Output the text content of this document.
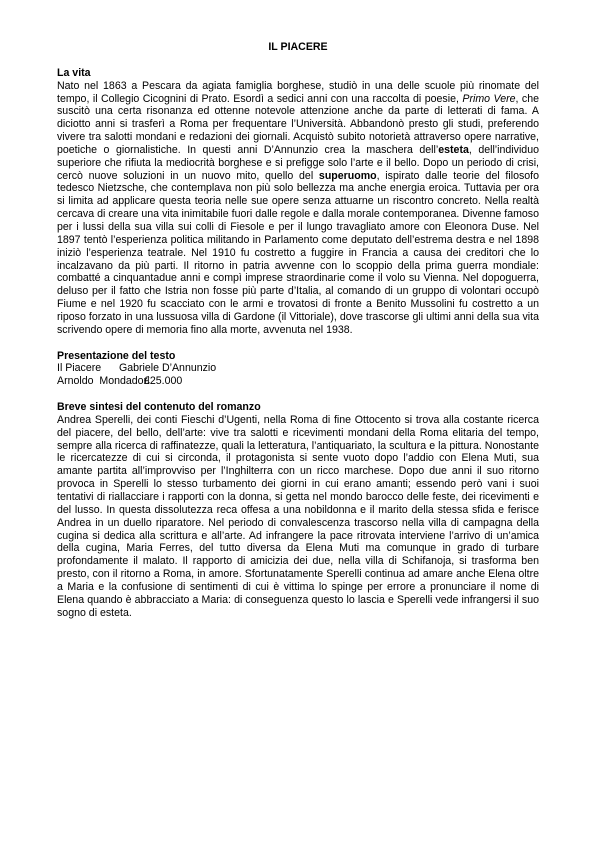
IL PIACERE
La vita

Nato nel 1863 a Pescara da agiata famiglia borghese, studiò in una delle scuole più rinomate del tempo, il Collegio Cicognini di Prato. Esordì a sedici anni con una raccolta di poesie, Primo Vere, che suscitò una certa risonanza ed ottenne notevole attenzione anche da parte di letterati di fama. A diciotto anni si trasferì a Roma per frequentare l’Università. Abbandonò presto gli studi, preferendo vivere tra salotti mondani e redazioni dei giornali. Acquistò subito notorietà attraverso opere narrative, poetiche o giornalistiche. In questi anni D’Annunzio crea la maschera dell’esteta, dell’individuo superiore che rifiuta la mediocrità borghese e si prefigge solo l’arte e il bello. Dopo un periodo di crisi, cercò nuove soluzioni in un nuovo mito, quello del superuomo, ispirato dalle teorie del filosofo tedesco Nietzsche, che contemplava non più solo bellezza ma anche energia eroica. Tuttavia per ora si limita ad applicare questa teoria nelle sue opere senza attuarne un riscontro concreto. Nella realtà cercava di creare una vita inimitabile fuori dalle regole e dalla morale contemporanea. Divenne famoso per i lussi della sua villa sui colli di Fiesole e per il lungo travagliato amore con Eleonora Duse. Nel 1897 tentò l’esperienza politica militando in Parlamento come deputato dell’estrema destra e nel 1898 iniziò l’esperienza teatrale. Nel 1910 fu costretto a fuggire in Francia a causa dei creditori che lo incalzavano da più parti. Il ritorno in patria avvenne con lo scoppio della prima guerra mondiale: combatté a cinquantadue anni e compì imprese straordinarie come il volo su Vienna. Nel dopoguerra, deluso per il fatto che Istria non fosse più parte d’Italia, al comando di un gruppo di volontari occupò Fiume e nel 1920 fu scacciato con le armi e trovatosi di fronte a Benito Mussolini fu costretto a un riposo forzato in una lussuosa villa di Gardone (il Vittoriale), dove trascorse gli ultimi anni della sua vita scrivendo opere di memoria fino alla morte, avvenuta nel 1938.

Presentazione del testo
Il Piacere Gabriele D’Annunzio
Arnoldo  Mondadori£25.000
Breve sintesi del contenuto del romanzo

Andrea Sperelli, dei conti Fieschi d’Ugenti, nella Roma di fine Ottocento si trova alla costante ricerca del piacere, del bello, dell’arte: vive tra salotti e ricevimenti mondani della Roma elitaria del tempo, sempre alla ricerca di raffinatezze, quali la letteratura, l’antiquariato, la scultura e la pittura. Nonostante le ricercatezze di cui si circonda, il protagonista si sente vuoto dopo l’addio con Elena Muti, sua amante partita all’improvviso per l’Inghilterra con un ricco marchese. Dopo due anni il suo ritorno provoca in Sperelli lo stesso turbamento dei giorni in cui erano amanti; essendo però vani i suoi tentativi di riallacciare i rapporti con la donna, si getta nel mondo barocco delle feste, dei ricevimenti e del lusso. In questa dissolutezza reca offesa a una nobildonna e il marito della stessa sfida e ferisce Andrea in un duello riparatore. Nel periodo di convalescenza trascorso nella villa di campagna della cugina si dedica alla scrittura e all’arte. Ad infrangere la pace ritrovata interviene l’arrivo di un’amica della cugina, Maria Ferres, del tutto diversa da Elena Muti ma comunque in grado di turbare profondamente il malato. Il rapporto di amicizia dei due, nella villa di Schifanoja, si trasforma ben presto, con il ritorno a Roma, in amore. Sfortunatamente Sperelli continua ad amare anche Elena oltre a Maria e la confusione di sentimenti di cui è vittima lo spinge per errore a pronunciare il nome di Elena quando è abbracciato a Maria: di conseguenza questo lo lascia e Sperelli vede infrangersi il suo sogno di esteta.
